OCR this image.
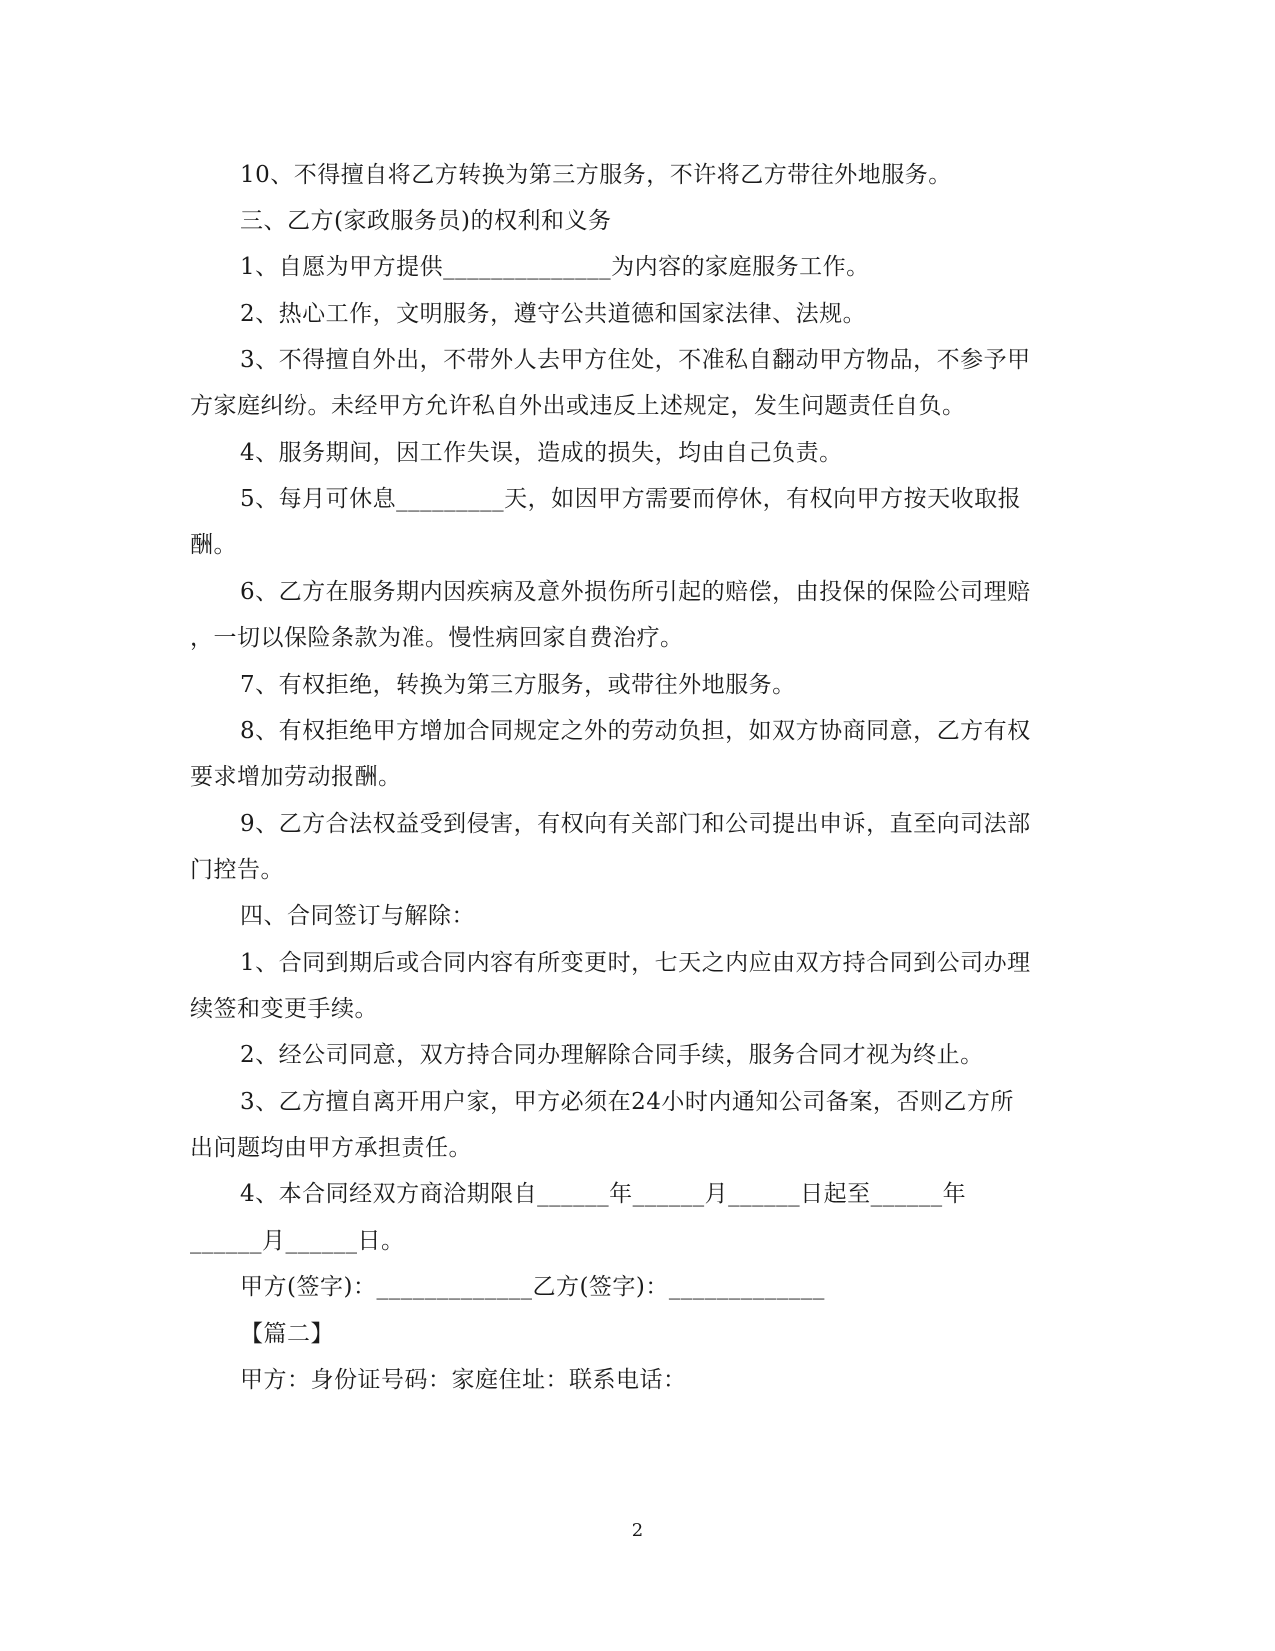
10、不得擅自将乙方转换为第三方服务，不许将乙方带往外地服务。
三、乙方(家政服务员)的权利和义务
1、自愿为甲方提供______________为内容的家庭服务工作。
2、热心工作，文明服务，遵守公共道德和国家法律、法规。
3、不得擅自外出，不带外人去甲方住处，不准私自翻动甲方物品，不参予甲
方家庭纠纷。未经甲方允许私自外出或违反上述规定，发生问题责任自负。
4、服务期间，因工作失误，造成的损失，均由自己负责。
5、每月可休息_________天，如因甲方需要而停休，有权向甲方按天收取报
酬。
6、乙方在服务期内因疾病及意外损伤所引起的赔偿，由投保的保险公司理赔
，一切以保险条款为准。慢性病回家自费治疗。
7、有权拒绝，转换为第三方服务，或带往外地服务。
8、有权拒绝甲方增加合同规定之外的劳动负担，如双方协商同意，乙方有权
要求增加劳动报酬。
9、乙方合法权益受到侵害，有权向有关部门和公司提出申诉，直至向司法部
门控告。
四、合同签订与解除：
1、合同到期后或合同内容有所变更时，七天之内应由双方持合同到公司办理
续签和变更手续。
2、经公司同意，双方持合同办理解除合同手续，服务合同才视为终止。
3、乙方擅自离开用户家，甲方必须在24小时内通知公司备案，否则乙方所
出问题均由甲方承担责任。
4、本合同经双方商洽期限自______年______月______日起至______年
______月______日。
甲方(签字)：_____________乙方(签字)：_____________
【篇二】
甲方：身份证号码：家庭住址：联系电话：
2
